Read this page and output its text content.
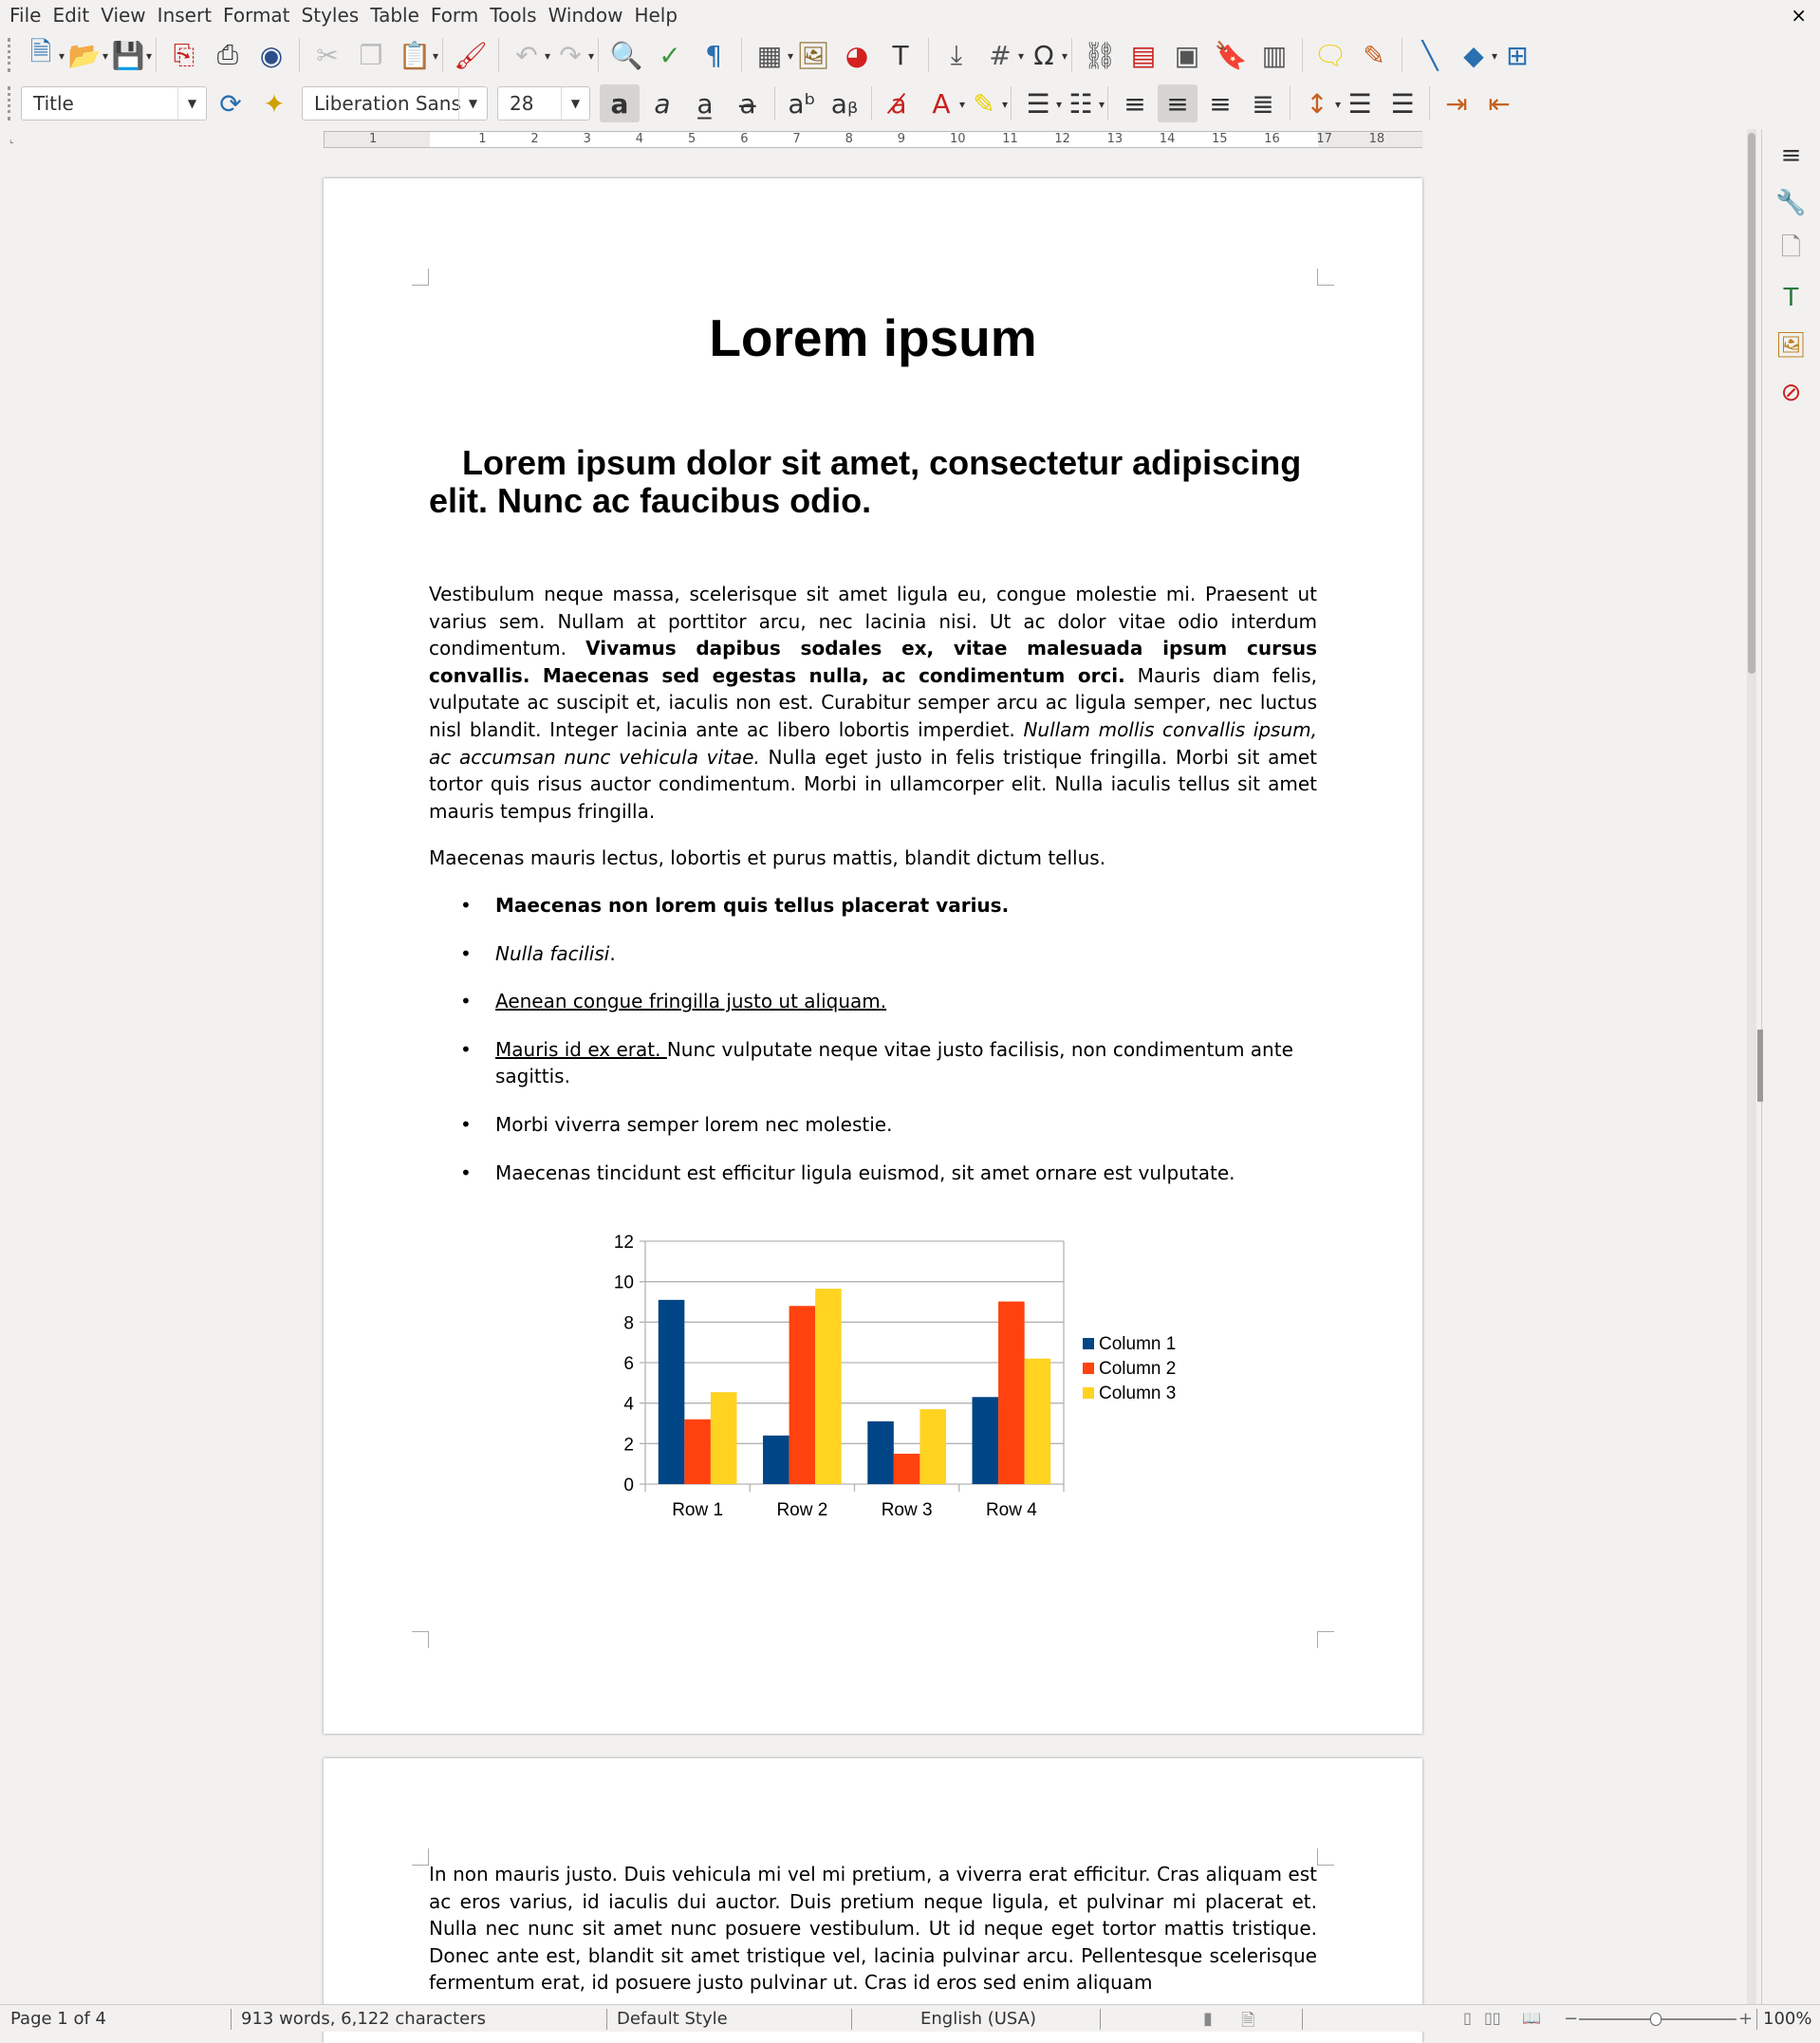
File Edit View Insert Format Styles Table Form Tools Window Help	×
🗎 ▾ 📂 ▾ 💾 ▾	⎘ ⎙ ◉	✂ ❐ 📋 ▾ 🖌	↶ ▾ ↷ ▾	🔍 ✓ ¶	▦ ▾ 🖼 ◕ T	⤓	# ▾ Ω ▾	⛓ ▤ ▣ 🔖 ▥ 🗨 ✎	╲ ◆ ▾ ⊞
Title	▼ ⟳ ✦	Liberation Sans ▼	28	▼	a a a̲ a̶	aᵇ aᵦ	a̸ A ▾ ✎ ▾	☰ ▾ ☷ ▾	≡ ≡ ≡ ≣	↕ ▾ ☰ ☰	⇥ ⇤
⌞	1	1	2	3	4	5	6	7	8	9	10	11	12	13	14	15	16	17	18
Lorem ipsum
Lorem ipsum dolor sit amet, consectetur adipiscing elit. Nunc ac faucibus odio.

Vestibulum neque massa, scelerisque sit amet ligula eu, congue molestie mi. Praesent ut varius sem. Nullam at porttitor arcu, nec lacinia nisi. Ut ac dolor vitae odio interdum condimentum. Vivamus dapibus sodales ex, vitae malesuada ipsum cursus convallis. Maecenas sed egestas nulla, ac condimentum orci. Mauris diam felis, vulputate ac suscipit et, iaculis non est. Curabitur semper arcu ac ligula semper, nec luctus nisl blandit. Integer lacinia ante ac libero lobortis imperdiet. Nullam mollis convallis ipsum, ac accumsan nunc vehicula vitae. Nulla eget justo in felis tristique fringilla. Morbi sit amet tortor quis risus auctor condimentum. Morbi in ullamcorper elit. Nulla iaculis tellus sit amet mauris tempus fringilla.

Maecenas mauris lectus, lobortis et purus mattis, blandit dictum tellus.

• Maecenas non lorem quis tellus placerat varius.
• Nulla facilisi.
• Aenean congue fringilla justo ut aliquam.
• Mauris id ex erat. Nunc vulputate neque vitae justo facilisis, non condimentum ante sagittis.
• Morbi viverra semper lorem nec molestie.
• Maecenas tincidunt est efficitur ligula euismod, sit amet ornare est vulputate.
0
2
4
6
8
10
12
Row 1	Row 2	Row 3	Row 4
Column 1
Column 2
Column 3
In non mauris justo. Duis vehicula mi vel mi pretium, a viverra erat efficitur. Cras aliquam est ac eros varius, id iaculis dui auctor. Duis pretium neque ligula, et pulvinar mi placerat et. Nulla nec nunc sit amet nunc posuere vestibulum. Ut id neque eget tortor mattis tristique. Donec ante est, blandit sit amet tristique vel, lacinia pulvinar arcu. Pellentesque scelerisque fermentum erat, id posuere justo pulvinar ut. Cras id eros sed enim aliquam
≡
🔧
🗋
T
🖼
⊘
Page 1 of 4	913 words, 6,122 characters	Default Style	English (USA)	▮ 🗎	▯ ▯▯ 📖 −	+ 100%
